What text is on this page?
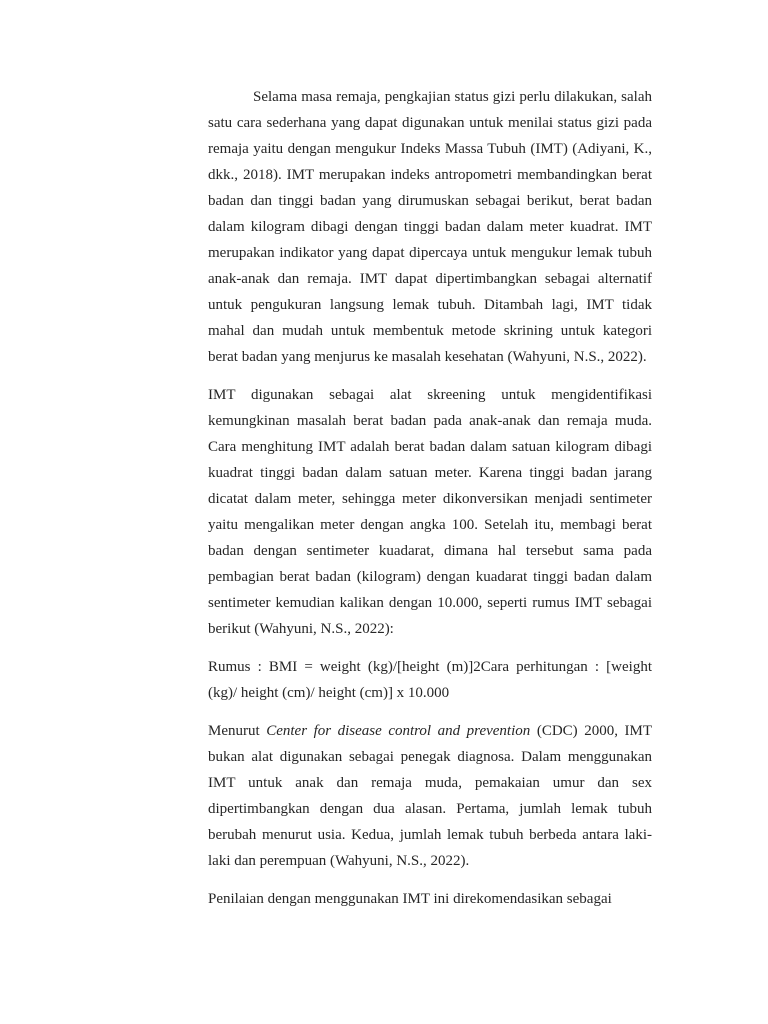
Selama masa remaja, pengkajian status gizi perlu dilakukan, salah satu cara sederhana yang dapat digunakan untuk menilai status gizi pada remaja yaitu dengan mengukur Indeks Massa Tubuh (IMT) (Adiyani, K., dkk., 2018). IMT merupakan indeks antropometri membandingkan berat badan dan tinggi badan yang dirumuskan sebagai berikut, berat badan dalam kilogram dibagi dengan tinggi badan dalam meter kuadrat. IMT merupakan indikator yang dapat dipercaya untuk mengukur lemak tubuh anak-anak dan remaja. IMT dapat dipertimbangkan sebagai alternatif untuk pengukuran langsung lemak tubuh. Ditambah lagi, IMT tidak mahal dan mudah untuk membentuk metode skrining untuk kategori berat badan yang menjurus ke masalah kesehatan (Wahyuni, N.S., 2022).

IMT digunakan sebagai alat skreening untuk mengidentifikasi kemungkinan masalah berat badan pada anak-anak dan remaja muda. Cara menghitung IMT adalah berat badan dalam satuan kilogram dibagi kuadrat tinggi badan dalam satuan meter. Karena tinggi badan jarang dicatat dalam meter, sehingga meter dikonversikan menjadi sentimeter yaitu mengalikan meter dengan angka 100. Setelah itu, membagi berat badan dengan sentimeter kuadarat, dimana hal tersebut sama pada pembagian berat badan (kilogram) dengan kuadarat tinggi badan dalam sentimeter kemudian kalikan dengan 10.000, seperti rumus IMT sebagai berikut (Wahyuni, N.S., 2022):

Rumus : BMI = weight (kg)/[height (m)]2Cara perhitungan : [weight (kg)/ height (cm)/ height (cm)] x 10.000

Menurut Center for disease control and prevention (CDC) 2000, IMT bukan alat digunakan sebagai penegak diagnosa. Dalam menggunakan IMT untuk anak dan remaja muda, pemakaian umur dan sex dipertimbangkan dengan dua alasan. Pertama, jumlah lemak tubuh berubah menurut usia. Kedua, jumlah lemak tubuh berbeda antara laki-laki dan perempuan (Wahyuni, N.S., 2022).

Penilaian dengan menggunakan IMT ini direkomendasikan sebagai
